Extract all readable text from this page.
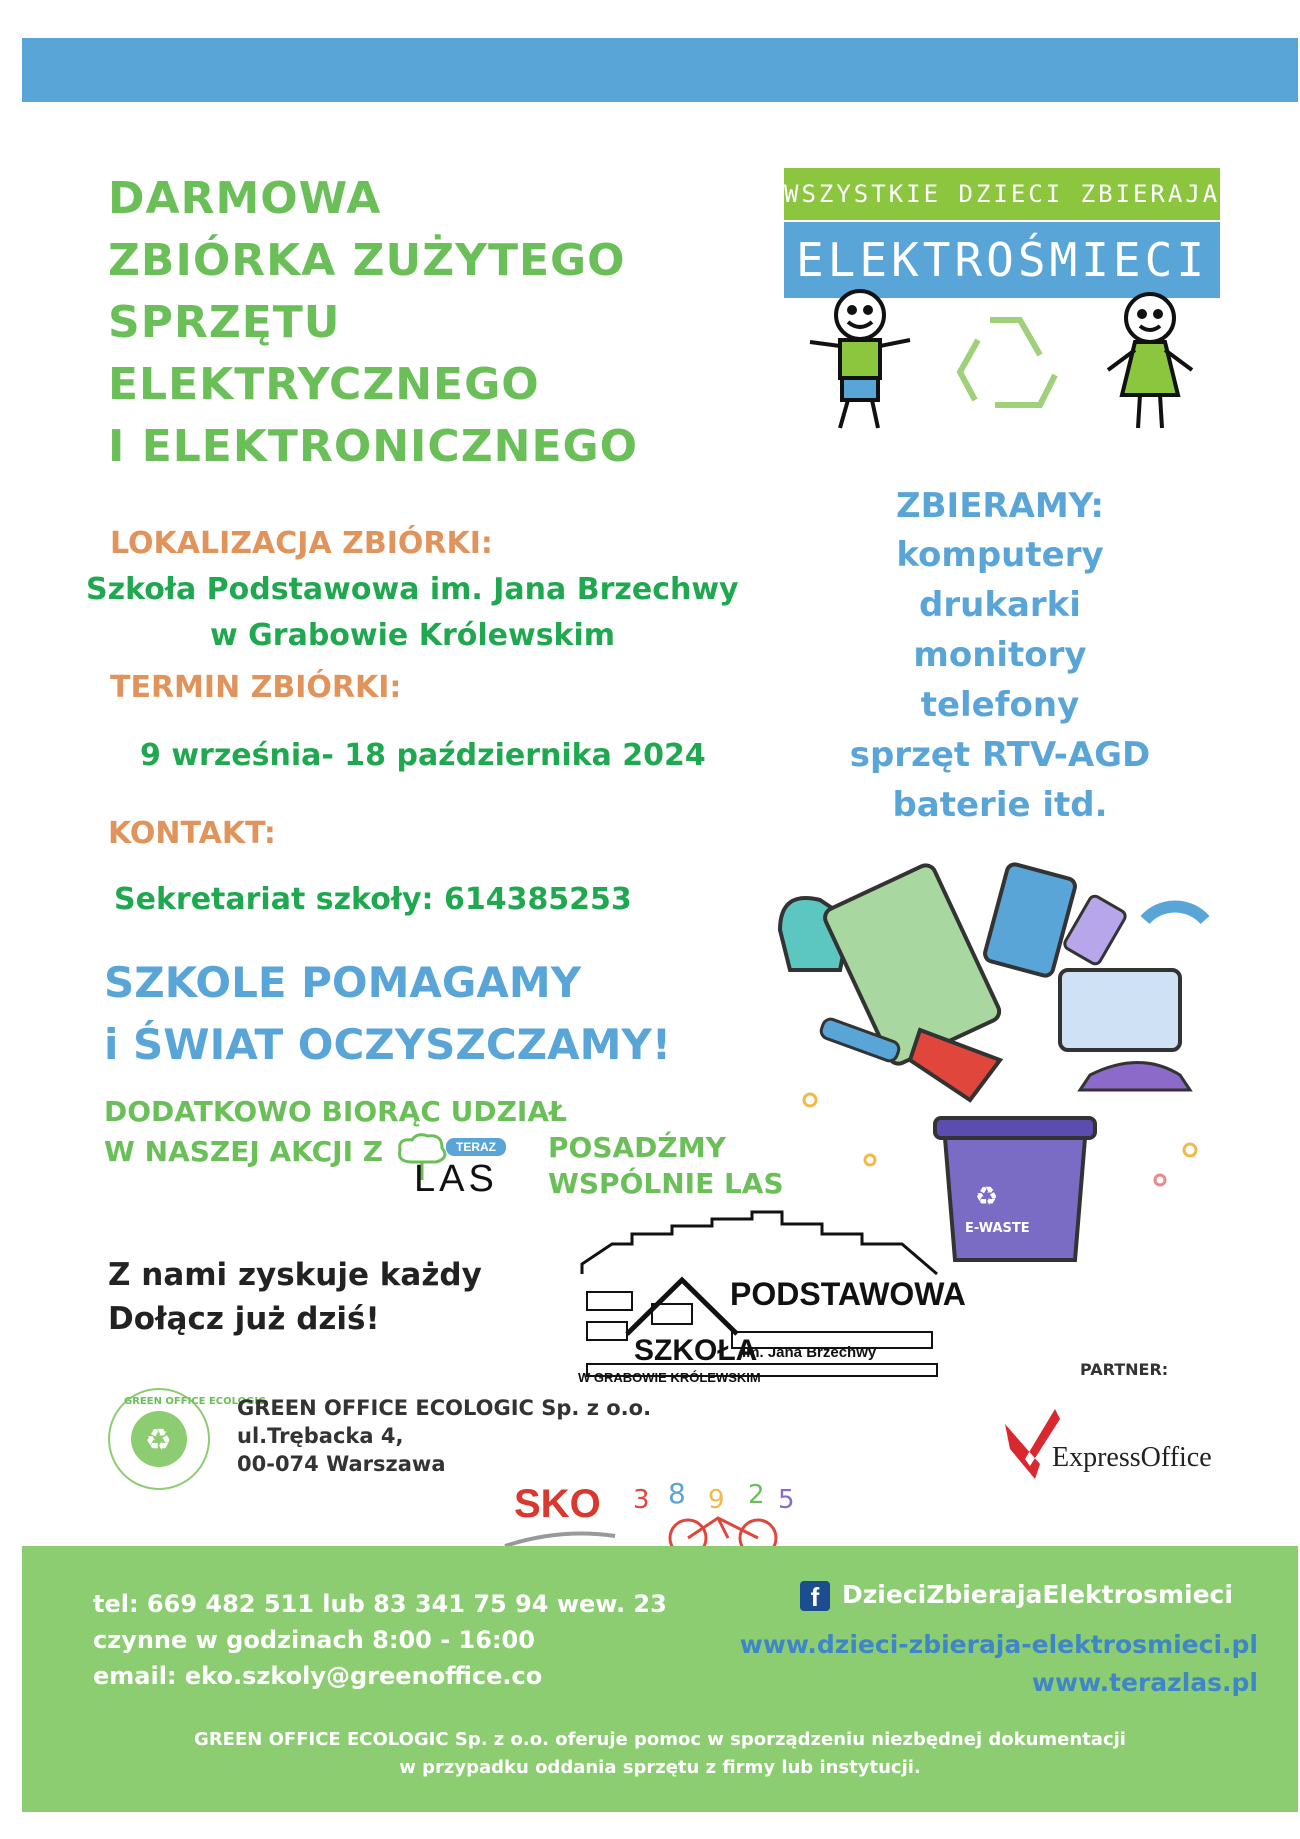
DARMOWA
ZBIÓRKA ZUŻYTEGO
SPRZĘTU
ELEKTRYCZNEGO
I ELEKTRONICZNEGO
WSZYSTKIE DZIECI ZBIERAJA
ELEKTROŚMIECI
LOKALIZACJA ZBIÓRKI:
Szkoła Podstawowa im. Jana Brzechwy
w Grabowie Królewskim
TERMIN ZBIÓRKI:
9 września- 18 października 2024
KONTAKT:
Sekretariat szkoły: 614385253
ZBIERAMY:
komputery
drukarki
monitory
telefony
sprzęt RTV-AGD
baterie itd.
SZKOLE POMAGAMY
i ŚWIAT OCZYSZCZAMY!
DODATKOWO BIORĄC UDZIAŁ
W NASZEJ AKCJI Z	TERAZ
LAS
POSADŹMY
WSPÓLNIE LAS	♻
E-WASTE
Z nami zyskuje każdy
Dołącz już dziś!
PODSTAWOWA
SZKOŁA
im. Jana Brzechwy
W GRABOWIE KRÓLEWSKIM	PARTNER:
ExpressOffice
♻
GREEN OFFICE ECOLOGIC
GREEN OFFICE ECOLOGIC Sp. z o.o.
ul.Trębacka 4,
00-074 Warszawa
SKO 3 8 9 2 5
tel: 669 482 511 lub 83 341 75 94 wew. 23
czynne w godzinach 8:00 - 16:00
email: eko.szkoly@greenoffice.co
f DzieciZbierajaElektrosmieci
www.dzieci-zbieraja-elektrosmieci.pl
www.terazlas.pl
GREEN OFFICE ECOLOGIC Sp. z o.o. oferuje pomoc w sporządzeniu niezbędnej dokumentacji
w przypadku oddania sprzętu z firmy lub instytucji.
